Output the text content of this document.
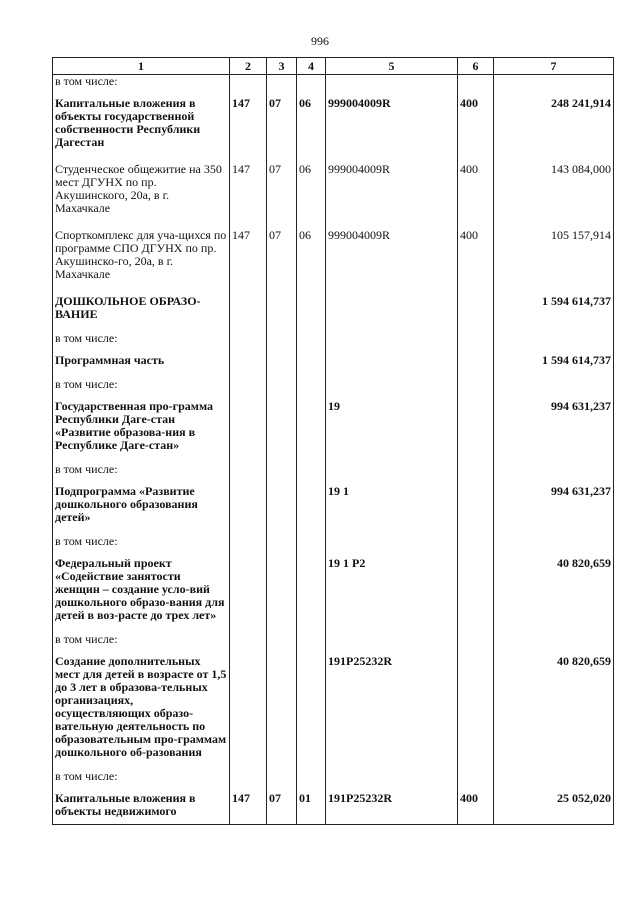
996
1	2	3	4	5	6	7
в том числе:						
Капитальные вложения в объекты государственной собственности Республики Дагестан	147	07	06	999004009R	400	248 241,914
Студенческое общежитие на 350 мест ДГУНХ по пр. Акушинского, 20а, в г. Махачкале	147	07	06	999004009R	400	143 084,000
Спорткомплекс для уча-щихся по программе СПО ДГУНХ по пр. Акушинско-го, 20а, в г. Махачкале	147	07	06	999004009R	400	105 157,914
ДОШКОЛЬНОЕ ОБРАЗО-ВАНИЕ						1 594 614,737
в том числе:						
Программная часть						1 594 614,737
в том числе:						
Государственная про-грамма Республики Даге-стан «Развитие образова-ния в Республике Даге-стан»				19		994 631,237
в том числе:						
Подпрограмма «Развитие дошкольного образования детей»				19 1		994 631,237
в том числе:						
Федеральный проект «Содействие занятости женщин – создание усло-вий дошкольного образо-вания для детей в воз-расте до трех лет»				19 1 Р2		40 820,659
в том числе:						
Создание дополнительных мест для детей в возрасте от 1,5 до 3 лет в образова-тельных организациях, осуществляющих образо-вательную деятельность по образовательным про-граммам дошкольного об-разования				191Р25232R		40 820,659
в том числе:						
Капитальные вложения в объекты недвижимого	147	07	01	191Р25232R	400	25 052,020
